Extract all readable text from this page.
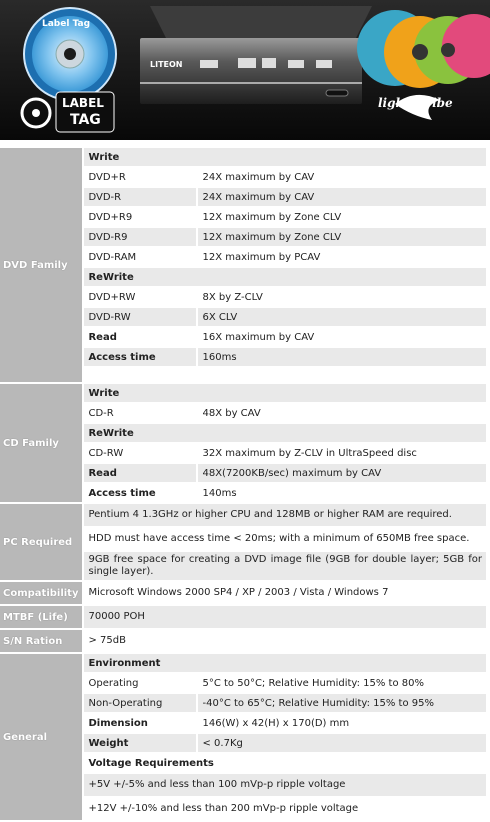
Label Tag
LABEL
TAG
LITEON
lightScribe
DVD Family	Write	
	DVD+R	24X maximum by CAV
	DVD-R	24X maximum by CAV
	DVD+R9	12X maximum by Zone CLV
	DVD-R9	12X maximum by Zone CLV
	DVD-RAM	12X maximum by PCAV
	ReWrite	
	DVD+RW	8X by Z-CLV
	DVD-RW	6X CLV
	Read	16X maximum by CAV
	Access time	160ms

CD Family	Write	
	CD-R	48X by CAV
	ReWrite	
	CD-RW	32X maximum by Z-CLV in UltraSpeed disc
	Read	48X(7200KB/sec) maximum by CAV
	Access time	140ms
PC Required	Pentium 4 1.3GHz or higher CPU and 128MB or higher RAM are required.	
	HDD must have access time < 20ms; with a minimum of 650MB free space.	
	9GB free space for creating a DVD image file (9GB for double layer; 5GB for single layer).	
Compatibility	Microsoft Windows 2000 SP4 / XP / 2003 / Vista / Windows 7	
MTBF (Life)	70000 POH	
S/N Ration	> 75dB	
General	Environment	
	Operating	5°C to 50°C; Relative Humidity: 15% to 80%
	Non-Operating	-40°C to 65°C; Relative Humidity: 15% to 95%
	Dimension	146(W) x 42(H) x 170(D) mm
	Weight	< 0.7Kg
	Voltage Requirements	
	+5V +/-5% and less than 100 mVp-p ripple voltage	
	+12V +/-10% and less than 200 mVp-p ripple voltage	
